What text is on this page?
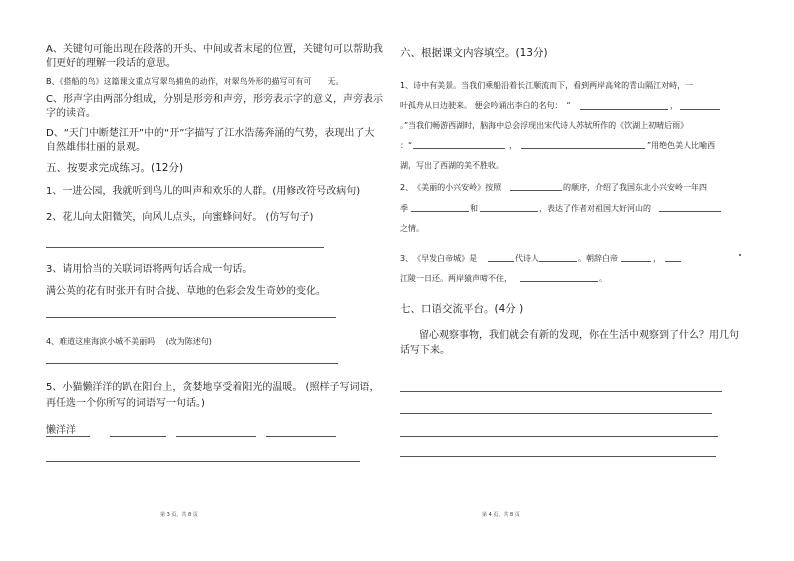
A、关键句可能出现在段落的开头、中间或者末尾的位置，关键句可以帮助我
们更好的理解一段话的意思。
B、《搭船的鸟》这篇课文重点写翠鸟捕鱼的动作，对翠鸟外形的描写可有可　　无。
C、形声字由两部分组成，分别是形旁和声旁，形旁表示字的意义，声旁表示
字的读音。
D、“天门中断楚江开”中的“开”字描写了江水浩荡奔涌的气势，表现出了大
自然雄伟壮丽的景观。
五、按要求完成练习。(12分)
1、一进公园，我就听到鸟儿的叫声和欢乐的人群。(用修改符号改病句)
2、花儿向太阳微笑，向风儿点头，向蜜蜂问好。 (仿写句子)
3、请用恰当的关联词语将两句话合成一句话。
满公英的花有时张开有时合拢、草地的色彩会发生奇妙的变化。
4、难道这座海滨小城不美丽吗　 (改为陈述句)
5、小猫懒洋洋的趴在阳台上，贪婪地享受着阳光的温暖。 (照样子写词语，
再任选一个你所写的词语写一句话。)
懒洋洋
第 3 页，共 8 页
六、根据课文内容填空。(13分)
1、诗中有美景。当我们乘船沿着长江顺流而下，看到两岸高耸的青山隔江对峙，一
叶孤舟从日边驶来。 便会吟诵出李白的名句：　“	，
。”当我们畅游西湖时，脑海中总会浮现出宋代诗人苏轼所作的《饮湖上初晴后雨》
：“	，	”用绝色美人比喻西
湖，写出了西湖的美不胜收。
2、　《美丽的小兴安岭》按照	的顺序，介绍了我国东北小兴安岭一年四
季	和	，表达了作者对祖国大好河山的
之情。
3、　《早发白帝城》是	代诗人	。朝辞白帝	，
江陵一日还。两岸猿声啼不住，	。
七、口语交流平台。(4分 )
留心观察事物，我们就会有新的发现，你在生活中观察到了什么？用几句
话写下来。
第 4 页，共 8 页
